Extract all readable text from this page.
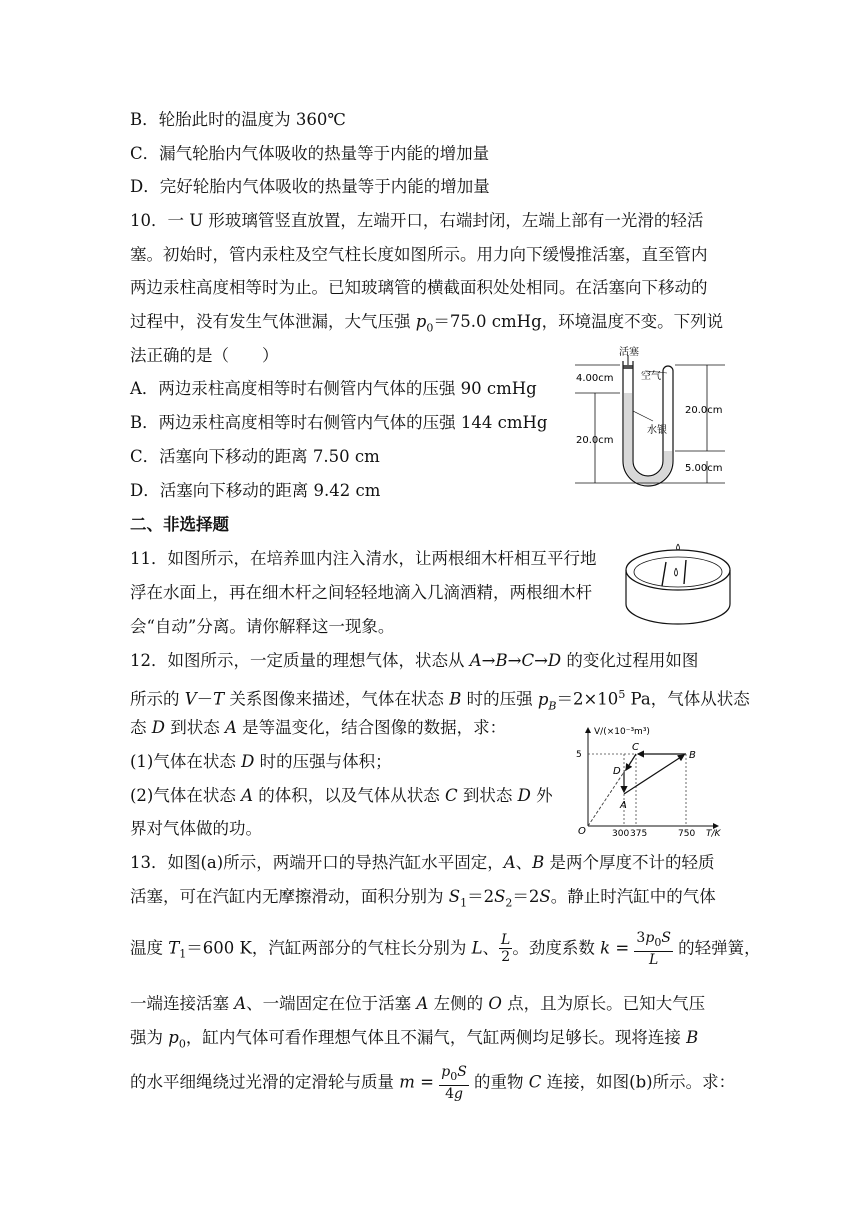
B．轮胎此时的温度为 360℃
C．漏气轮胎内气体吸收的热量等于内能的增加量
D．完好轮胎内气体吸收的热量等于内能的增加量
10．一 U 形玻璃管竖直放置，左端开口，右端封闭，左端上部有一光滑的轻活
塞。初始时，管内汞柱及空气柱长度如图所示。用力向下缓慢推活塞，直至管内
两边汞柱高度相等时为止。已知玻璃管的横截面积处处相同。在活塞向下移动的
过程中，没有发生气体泄漏，大气压强 $p_0=75.0$ cmHg，环境温度不变。下列说
法正确的是（　　）
A．两边汞柱高度相等时右侧管内气体的压强 90 cmHg
B．两边汞柱高度相等时右侧管内气体的压强 144 cmHg
C．活塞向下移动的距离 7.50 cm
D．活塞向下移动的距离 9.42 cm
活塞
空气
水银
4.00cm
20.0cm
20.0cm
5.00cm
二、非选择题
11．如图所示，在培养皿内注入清水，让两根细木杆相互平行地
浮在水面上，再在细木杆之间轻轻地滴入几滴酒精，两根细木杆
会“自动”分离。请你解释这一现象。
12．如图所示，一定质量的理想气体，状态从 A→B→C→D 的变化过程用如图
所示的 V－T 关系图像来描述，气体在状态 B 时的压强 $p_B=2\times 10^5$ Pa，气体从状态
态 D 到状态 A 是等温变化，结合图像的数据，求：
(1)气体在状态 D 时的压强与体积；
(2)气体在状态 A 的体积，以及气体从状态 C 到状态 D 外
界对气体做的功。
V/(×10⁻³m³)
T/K
5
300 375	750
O
A
B
C
D
13．如图(a)所示，两端开口的导热汽缸水平固定，A、B 是两个厚度不计的轻质
活塞，可在汽缸内无摩擦滑动，面积分别为 $S_1=2S_2=2S$。静止时汽缸中的气体
温度 $T_1=600$ K，汽缸两部分的气柱长分别为 L、 $\frac{L}{2}$ 。劲度系数 $k = \frac{3p_0S}{L}$ 的轻弹簧，
一端连接活塞 A、一端固定在位于活塞 A 左侧的 O 点，且为原长。已知大气压
强为 $p_0$，缸内气体可看作理想气体且不漏气，气缸两侧均足够长。现将连接 B
的水平细绳绕过光滑的定滑轮与质量 $m = \frac{p_0S}{4g}$ 的重物 C 连接，如图(b)所示。求：
